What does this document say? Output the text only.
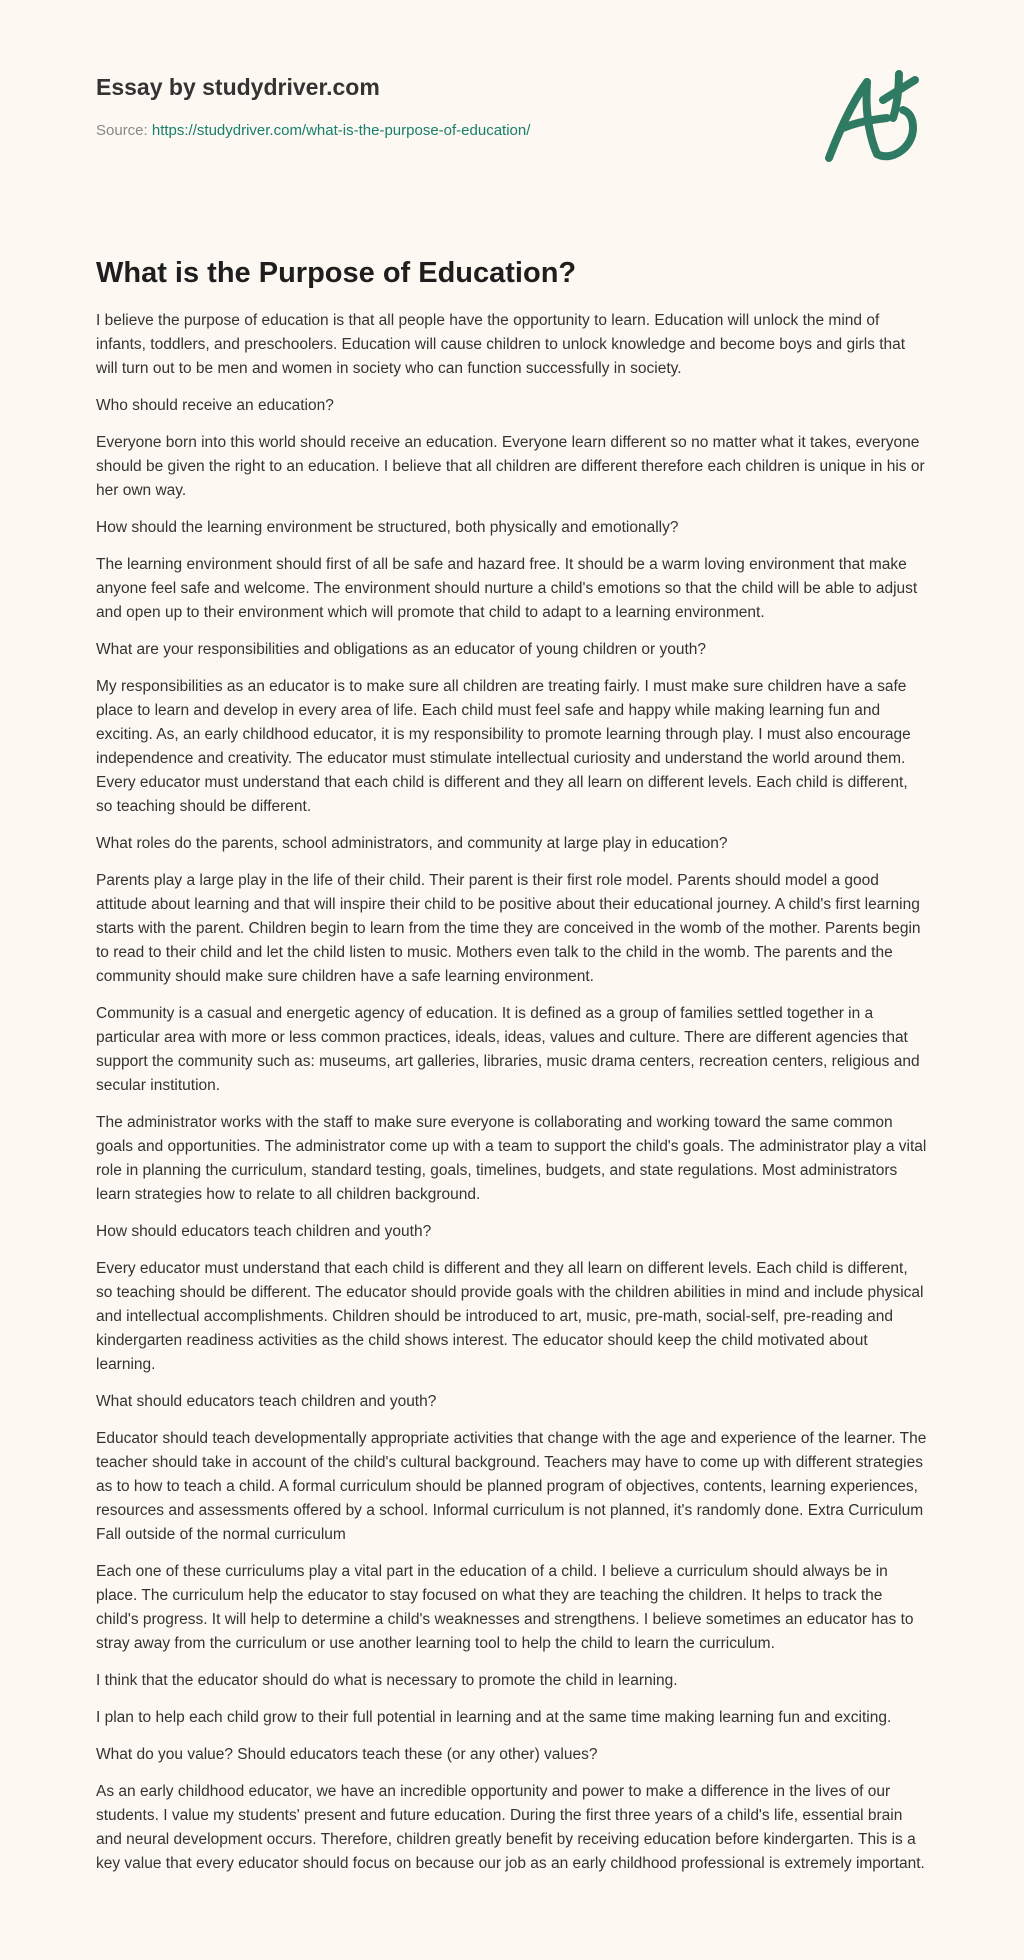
Essay by studydriver.com
Source: https://studydriver.com/what-is-the-purpose-of-education/
What is the Purpose of Education?

I believe the purpose of education is that all people have the opportunity to learn. Education will unlock the mind of infants, toddlers, and preschoolers. Education will cause children to unlock knowledge and become boys and girls that will turn out to be men and women in society who can function successfully in society.

Who should receive an education?

Everyone born into this world should receive an education. Everyone learn different so no matter what it takes, everyone should be given the right to an education. I believe that all children are different therefore each children is unique in his or her own way.

How should the learning environment be structured, both physically and emotionally?

The learning environment should first of all be safe and hazard free. It should be a warm loving environment that make anyone feel safe and welcome. The environment should nurture a child's emotions so that the child will be able to adjust and open up to their environment which will promote that child to adapt to a learning environment.

What are your responsibilities and obligations as an educator of young children or youth?

My responsibilities as an educator is to make sure all children are treating fairly. I must make sure children have a safe place to learn and develop in every area of life. Each child must feel safe and happy while making learning fun and exciting. As, an early childhood educator, it is my responsibility to promote learning through play. I must also encourage independence and creativity. The educator must stimulate intellectual curiosity and understand the world around them. Every educator must understand that each child is different and they all learn on different levels. Each child is different, so teaching should be different.

What roles do the parents, school administrators, and community at large play in education?

Parents play a large play in the life of their child. Their parent is their first role model. Parents should model a good attitude about learning and that will inspire their child to be positive about their educational journey. A child's first learning starts with the parent. Children begin to learn from the time they are conceived in the womb of the mother. Parents begin to read to their child and let the child listen to music. Mothers even talk to the child in the womb. The parents and the community should make sure children have a safe learning environment.

Community is a casual and energetic agency of education. It is defined as a group of families settled together in a particular area with more or less common practices, ideals, ideas, values and culture. There are different agencies that support the community such as: museums, art galleries, libraries, music drama centers, recreation centers, religious and secular institution.

The administrator works with the staff to make sure everyone is collaborating and working toward the same common goals and opportunities. The administrator come up with a team to support the child's goals. The administrator play a vital role in planning the curriculum, standard testing, goals, timelines, budgets, and state regulations. Most administrators learn strategies how to relate to all children background.

How should educators teach children and youth?

Every educator must understand that each child is different and they all learn on different levels. Each child is different, so teaching should be different. The educator should provide goals with the children abilities in mind and include physical and intellectual accomplishments. Children should be introduced to art, music, pre-math, social-self, pre-reading and kindergarten readiness activities as the child shows interest. The educator should keep the child motivated about learning.

What should educators teach children and youth?

Educator should teach developmentally appropriate activities that change with the age and experience of the learner. The teacher should take in account of the child's cultural background. Teachers may have to come up with different strategies as to how to teach a child. A formal curriculum should be planned program of objectives, contents, learning experiences, resources and assessments offered by a school. Informal curriculum is not planned, it's randomly done. Extra Curriculum Fall outside of the normal curriculum

Each one of these curriculums play a vital part in the education of a child. I believe a curriculum should always be in place. The curriculum help the educator to stay focused on what they are teaching the children. It helps to track the child's progress. It will help to determine a child's weaknesses and strengthens. I believe sometimes an educator has to stray away from the curriculum or use another learning tool to help the child to learn the curriculum.

I think that the educator should do what is necessary to promote the child in learning.

I plan to help each child grow to their full potential in learning and at the same time making learning fun and exciting.

What do you value? Should educators teach these (or any other) values?

As an early childhood educator, we have an incredible opportunity and power to make a difference in the lives of our students. I value my students' present and future education. During the first three years of a child's life, essential brain and neural development occurs. Therefore, children greatly benefit by receiving education before kindergarten. This is a key value that every educator should focus on because our job as an early childhood professional is extremely important.
